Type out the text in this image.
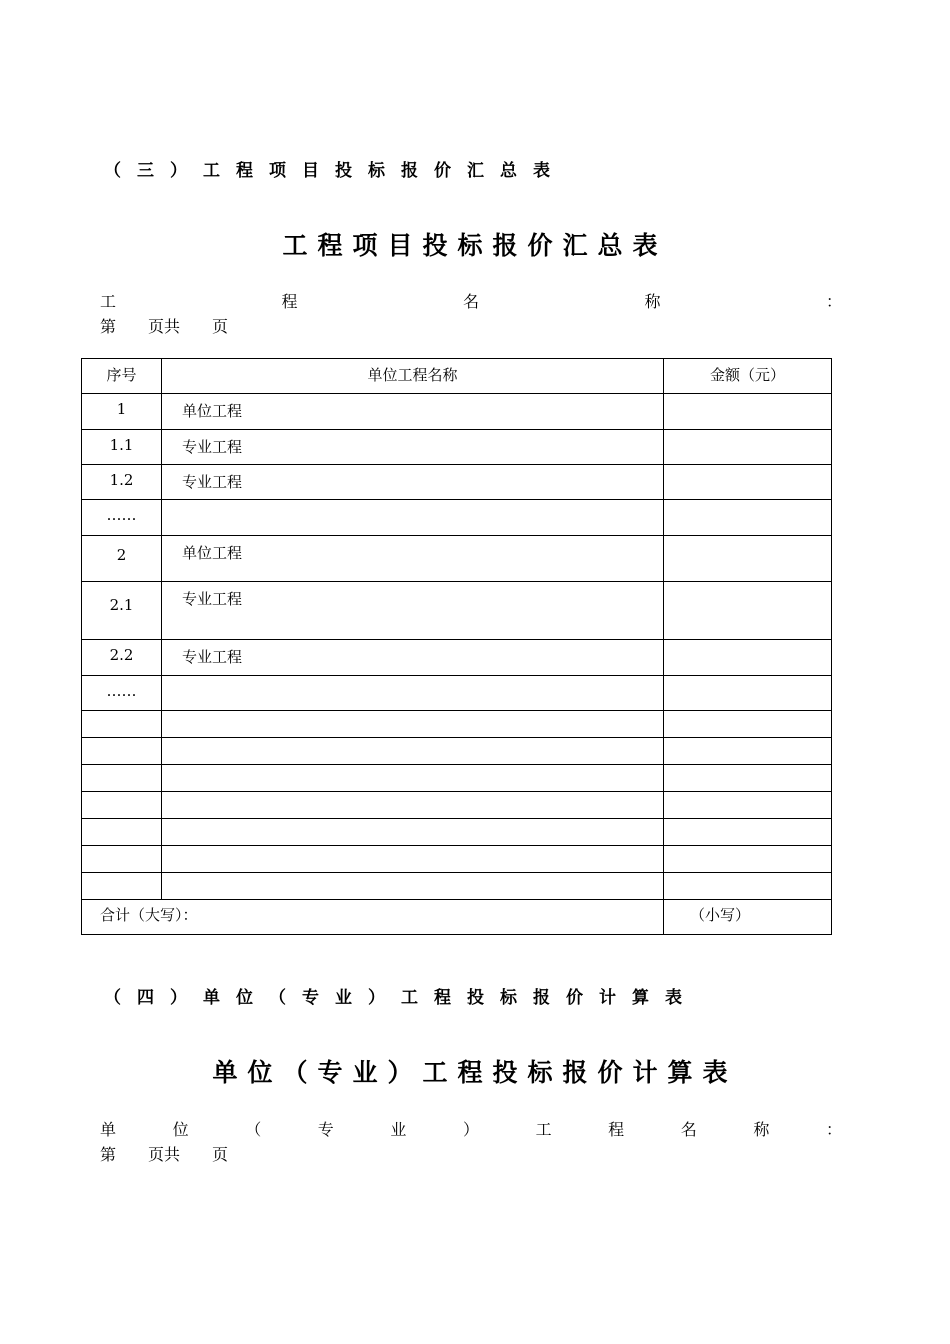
（三）工程项目投标报价汇总表
工程项目投标报价汇总表
工	程	名	称	：
第　　页共　　页
序号	单位工程名称	金额（元）

1	单位工程	

1.1	专业工程	

1.2	专业工程	

……		

2	单位工程	

2.1	专业工程	

2.2	专业工程	

……		

合计（大写）：		（小写）
（四）单位（专业）工程投标报价计算表
单位（专业）工程投标报价计算表
单	位	（	专	业	）	工	程	名	称	：
第　　页共　　页
